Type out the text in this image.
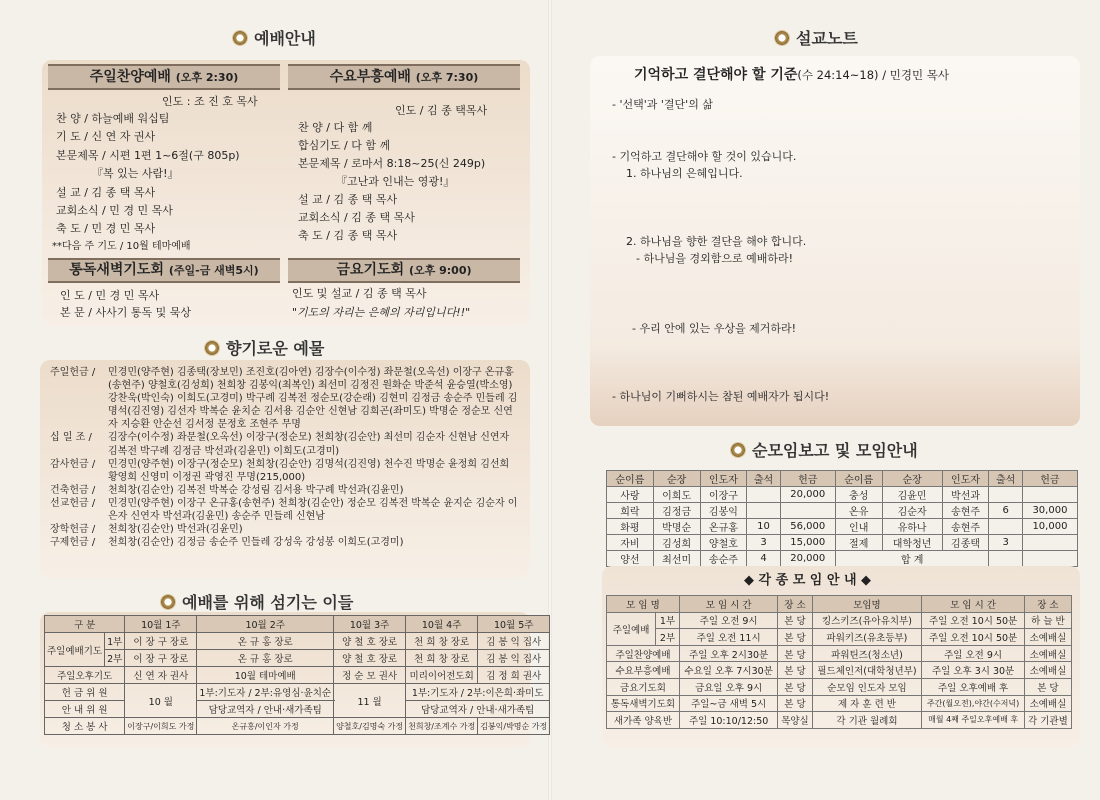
예배안내
주일찬양예배 (오후 2:30)	수요부흥예배 (오후 7:30)
인도 : 조 진 호 목사
찬 양 / 하늘예배 워십팀
기 도 / 신 연 자 권사
본문제목 / 시편 1편 1~6절(구 805p)
『복 있는 사람!』
설 교 / 김 종 택 목사
교회소식 / 민 경 민 목사
축 도 / 민 경 민 목사
**다음 주 기도 / 10월 테마예배
인도 / 김 종 택목사
찬 양 / 다 함 께
합심기도 / 다 함 께
본문제목 / 로마서 8:18~25(신 249p)
『고난과 인내는 영광!』
설 교 / 김 종 택 목사
교회소식 / 김 종 택 목사
축 도 / 김 종 택 목사
통독새벽기도회 (주일-금 새벽5시)	금요기도회 (오후 9:00)
인 도 / 민 경 민 목사
본 문 / 사사기 통독 및 묵상
인도 및 설교 / 김 종 택 목사
"기도의 자리는 은혜의 자리입니다!!"
향기로운 예물
주일헌금 /	민경민(양주현) 김종택(장보민) 조진호(김아연) 김장수(이수정) 좌문철(오옥선) 이장구 온규홍(송현주) 양철호(김성희) 천희창 김봉익(최복인) 최선미 김정진 원화순 박준석 윤승열(박소영) 강찬욱(박인숙) 이희도(고경미) 박구례 김복전 정순모(강순래) 김현미 김정금 송순주 민들레 김명석(김진영) 김선자 박복순 윤치순 김서용 김순안 신현남 김희곤(좌미도) 박명순 정순모 신연자 지승환 안순선 김서정 문정호 조현주 무명
십 일 조 /	김장수(이수정) 좌문철(오옥선) 이장구(정순모) 천희창(김순안) 최선미 김순자 신현남 신연자 김복전 박구례 김정금 박선과(김윤민) 이희도(고경미)
감사헌금 /	민경민(양주현) 이장구(정순모) 천희창(김순안) 김명석(김진영) 천수진 박명순 윤정희 김선희 황영희 신영미 이정권 곽영진 무명(215,000)
건축헌금 /	천희창(김순안) 김복전 박복순 강성림 김서용 박구례 박선과(김윤민)
선교헌금 /	민경민(양주현) 이장구 온규홍(송현주) 천희창(김순안) 정순모 김복전 박복순 윤지순 김순자 이은자 신연자 박선과(김윤민) 송순주 민들레 신현남
장학헌금 /	천희창(김순안) 박선과(김윤민)
구제헌금 /	천희창(김순안) 김정금 송순주 민들레 강성욱 강성봉 이희도(고경미)
예배를 위해 섬기는 이들
구 분		10월 1주	10월 2주	10월 3주	10월 4주	10월 5주
주일예배기도	1부	이 장 구 장로	온 규 홍 장로	양 철 호 장로	천 희 창 장로	김 봉 익 집사
	2부	이 장 구 장로	온 규 홍 장로	양 철 호 장로	천 희 창 장로	김 봉 익 집사
주일오후기도		신 연 자 권사	10월 테마예배	정 순 모 권사	미리이어전도회	김 정 희 권사
헌 금 위 원		10 월	1부:기도자 / 2부:유영심·윤치순	11 월	1부:기도자 / 2부:이은희·좌미도	
안 내 위 원			담당교역자 / 안내·새가족팀		담당교역자 / 안내·새가족팀	
청 소 봉 사		이장구/이희도 가정	온규홍/이인자 가정	양철호/김명숙 가정	천희창/조계수 가정	김봉익/박명순 가정
설교노트
기억하고 결단해야 할 기준(수 24:14~18) / 민경민 목사
- '선택'과 '결단'의 삶
- 기억하고 결단해야 할 것이 있습니다.
1. 하나님의 은혜입니다.
2. 하나님을 향한 결단을 해야 합니다.
- 하나님을 경외함으로 예배하라!
- 우리 안에 있는 우상을 제거하라!
- 하나님이 기뻐하시는 참된 예배자가 됩시다!
순모임보고 및 모임안내
순이름	순장	인도자	출석	헌금	순이름	순장	인도자	출석	헌금
사랑	이희도	이장구		20,000	충성	김윤민	박선과		
희락	김정금	김봉익			온유	김순자	송현주	6	30,000
화평	박명순	온규홍	10	56,000	인내	유하나	송현주		10,000
자비	김성희	양철호	3	15,000	절제	대학청년	김종택	3	
양선	최선미	송순주	4	20,000	합 계				
◆ 각 종 모 임 안 내 ◆
모 임 명		모 임 시 간	장 소	모임명	모 임 시 간	장 소
주일예배	1부	주일 오전 9시	본 당	킹스키즈(유아유치부)	주일 오전 10시 50분	하 늘 반
	2부	주일 오전 11시	본 당	파워키즈(유초등부)	주일 오전 10시 50분	소예배실
주일찬양예배		주일 오후 2시30분	본 당	파워틴즈(청소년)	주일 오전 9시	소예배실
수요부흥예배		수요일 오후 7시30분	본 당	필드체인저(대학청년부)	주일 오후 3시 30분	소예배실
금요기도회		금요일 오후 9시	본 당	순모임 인도자 모임	주일 오후예배 후	본 당
통독새벽기도회		주일~금 새벽 5시	본 당	제 자 훈 련 반	주간(월오전),야간(수저녁)	소예배실
새가족 양육반		주일 10:10/12:50	목양실	각 기관 월례회	매월 4째 주일오후예배 후	각 기관별
